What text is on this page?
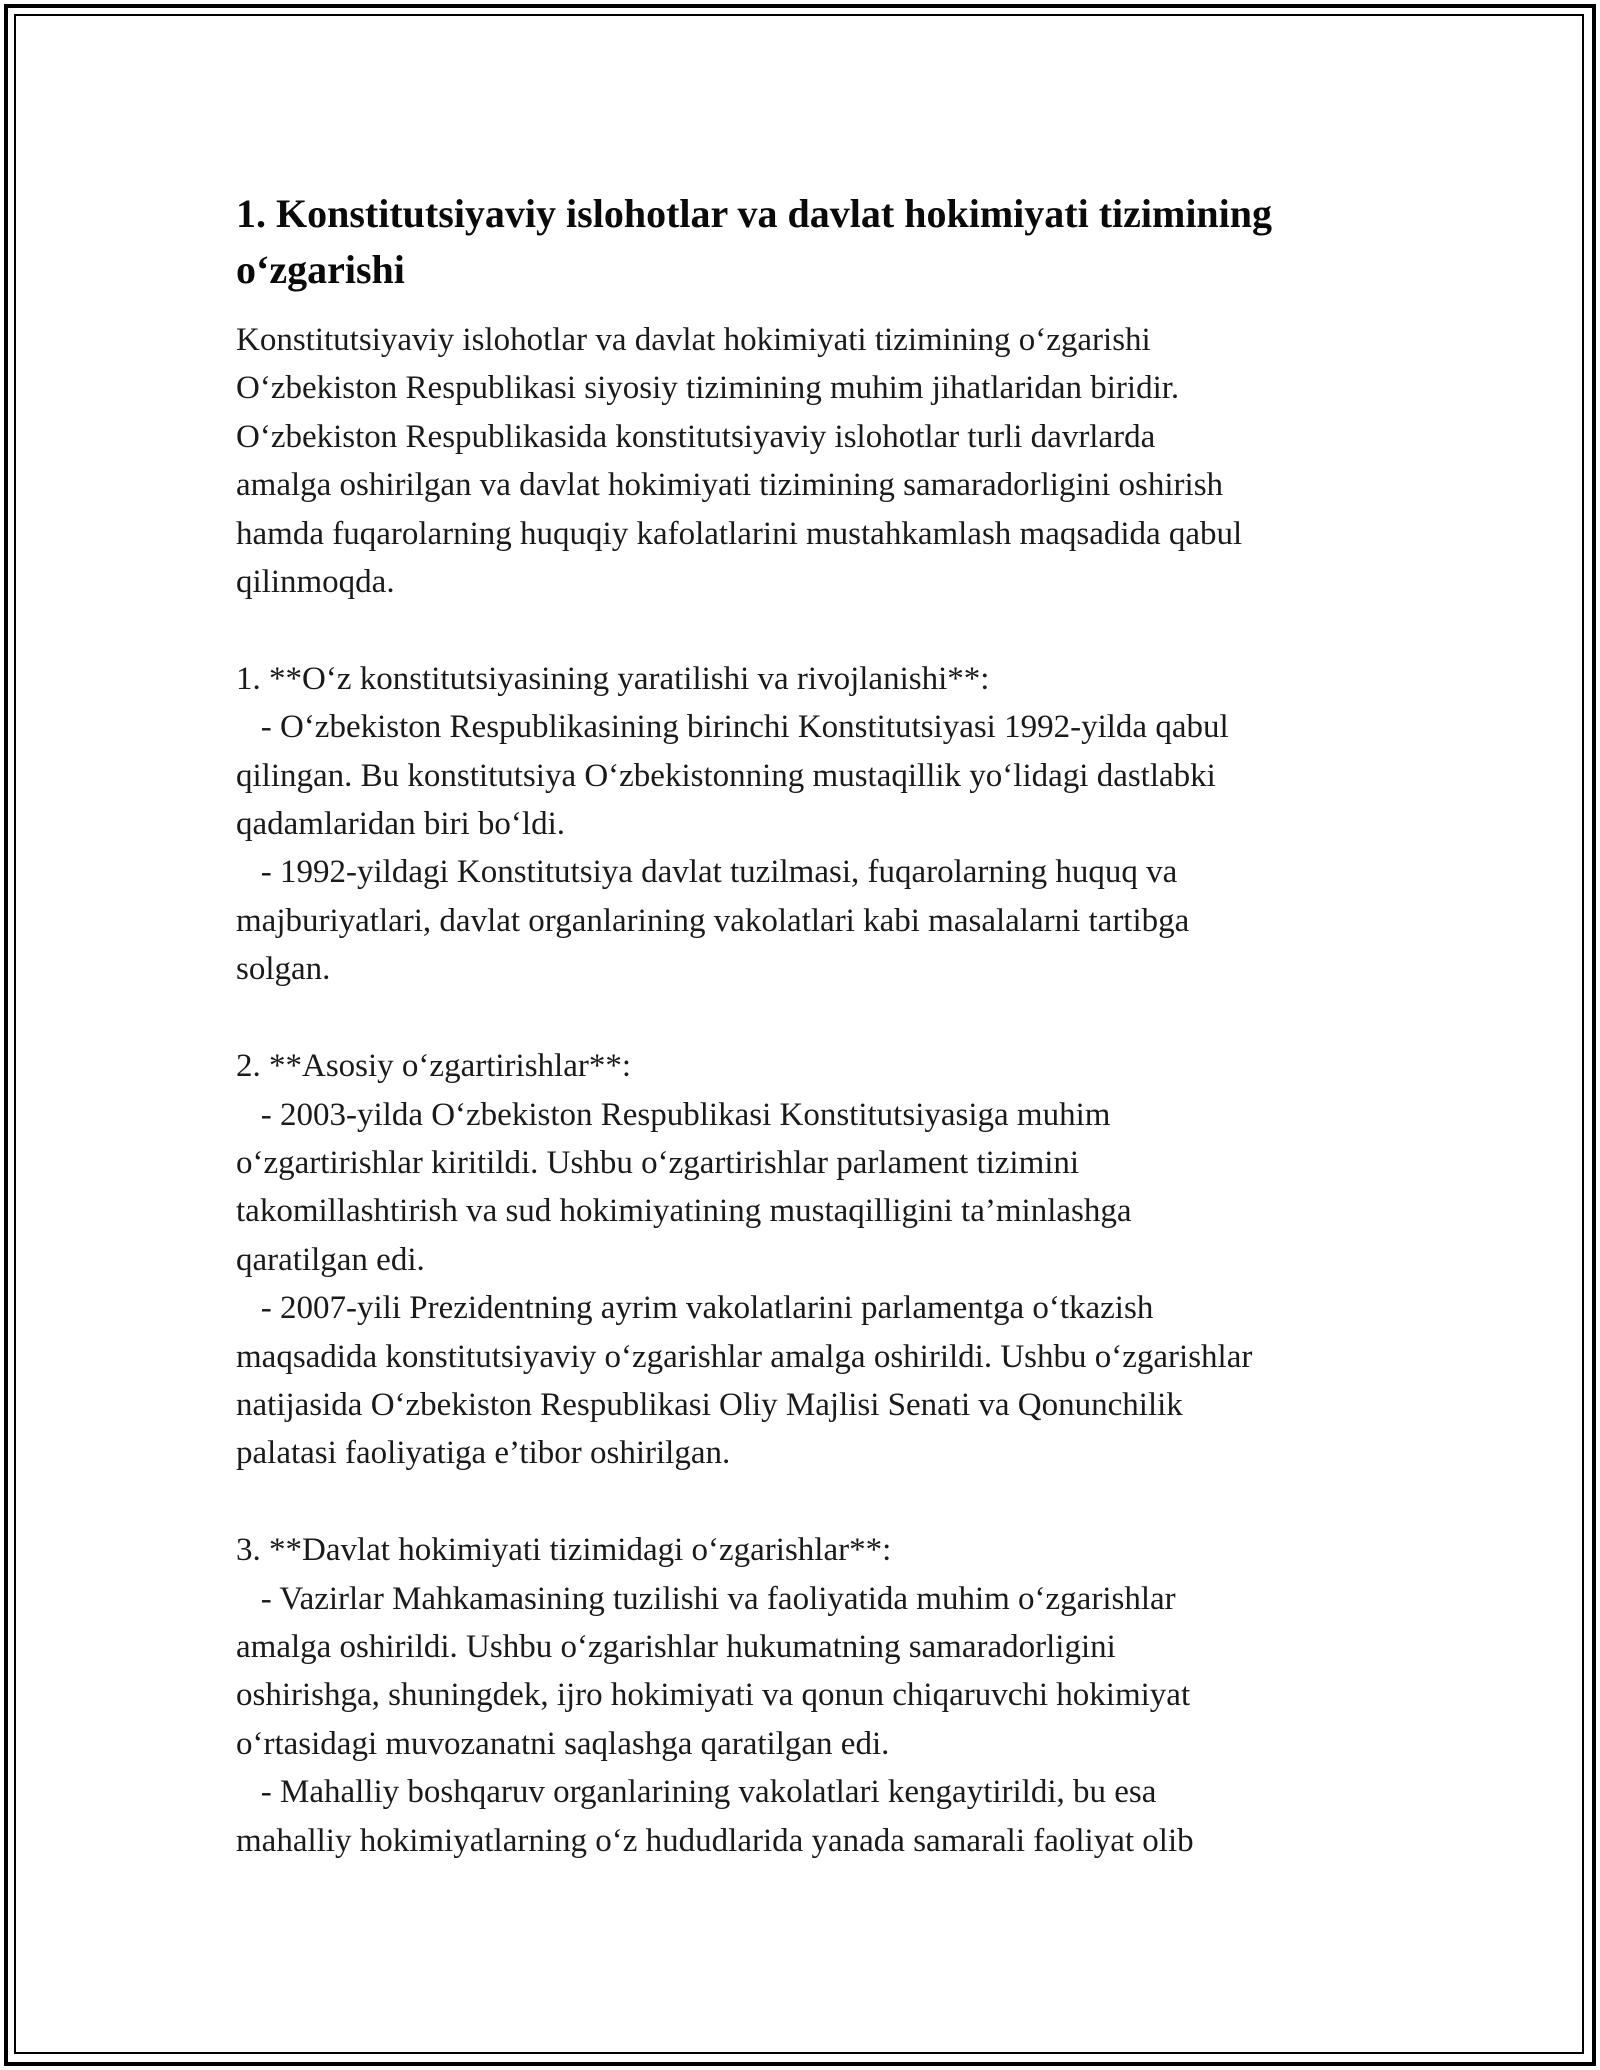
1. Konstitutsiyaviy islohotlar va davlat hokimiyati tizimining o‘zgarishi
Konstitutsiyaviy islohotlar va davlat hokimiyati tizimining o‘zgarishi
O‘zbekiston Respublikasi siyosiy tizimining muhim jihatlaridan biridir.
O‘zbekiston Respublikasida konstitutsiyaviy islohotlar turli davrlarda
amalga oshirilgan va davlat hokimiyati tizimining samaradorligini oshirish
hamda fuqarolarning huquqiy kafolatlarini mustahkamlash maqsadida qabul
qilinmoqda.

1. **O‘z konstitutsiyasining yaratilishi va rivojlanishi**:
- O‘zbekiston Respublikasining birinchi Konstitutsiyasi 1992-yilda qabul
qilingan. Bu konstitutsiya O‘zbekistonning mustaqillik yo‘lidagi dastlabki
qadamlaridan biri bo‘ldi.
- 1992-yildagi Konstitutsiya davlat tuzilmasi, fuqarolarning huquq va
majburiyatlari, davlat organlarining vakolatlari kabi masalalarni tartibga
solgan.

2. **Asosiy o‘zgartirishlar**:
- 2003-yilda O‘zbekiston Respublikasi Konstitutsiyasiga muhim
o‘zgartirishlar kiritildi. Ushbu o‘zgartirishlar parlament tizimini
takomillashtirish va sud hokimiyatining mustaqilligini ta’minlashga
qaratilgan edi.
- 2007-yili Prezidentning ayrim vakolatlarini parlamentga o‘tkazish
maqsadida konstitutsiyaviy o‘zgarishlar amalga oshirildi. Ushbu o‘zgarishlar
natijasida O‘zbekiston Respublikasi Oliy Majlisi Senati va Qonunchilik
palatasi faoliyatiga e’tibor oshirilgan.

3. **Davlat hokimiyati tizimidagi o‘zgarishlar**:
- Vazirlar Mahkamasining tuzilishi va faoliyatida muhim o‘zgarishlar
amalga oshirildi. Ushbu o‘zgarishlar hukumatning samaradorligini
oshirishga, shuningdek, ijro hokimiyati va qonun chiqaruvchi hokimiyat
o‘rtasidagi muvozanatni saqlashga qaratilgan edi.
- Mahalliy boshqaruv organlarining vakolatlari kengaytirildi, bu esa
mahalliy hokimiyatlarning o‘z hududlarida yanada samarali faoliyat olib
